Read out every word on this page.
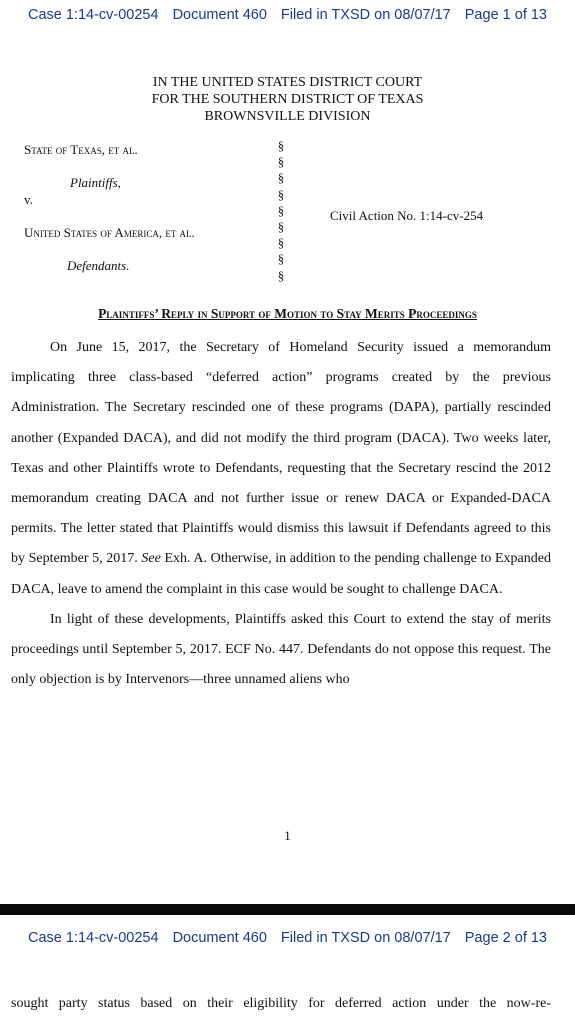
Case 1:14-cv-00254 Document 460 Filed in TXSD on 08/07/17 Page 1 of 13
IN THE UNITED STATES DISTRICT COURT
FOR THE SOUTHERN DISTRICT OF TEXAS
BROWNSVILLE DIVISION
State of Texas, et al.
Plaintiffs,
v.
United States of America, et al.
Defendants.
§
§
§
§
§
§
§
§
§
Civil Action No. 1:14-cv-254
Plaintiffs’ Reply in Support of Motion to Stay Merits Proceedings

On June 15, 2017, the Secretary of Homeland Security issued a memorandum implicating three class-based “deferred action” programs created by the previous Administration. The Secretary rescinded one of these programs (DAPA), partially rescinded another (Expanded DACA), and did not modify the third program (DACA). Two weeks later, Texas and other Plaintiffs wrote to Defendants, requesting that the Secretary rescind the 2012 memorandum creating DACA and not further issue or renew DACA or Expanded-DACA permits. The letter stated that Plaintiffs would dismiss this lawsuit if Defendants agreed to this by September 5, 2017. See Exh. A. Otherwise, in addition to the pending challenge to Expanded DACA, leave to amend the complaint in this case would be sought to challenge DACA.

In light of these developments, Plaintiffs asked this Court to extend the stay of merits proceedings until September 5, 2017. ECF No. 447. Defendants do not oppose this request. The only objection is by Intervenors—three unnamed aliens who

1
Case 1:14-cv-00254 Document 460 Filed in TXSD on 08/07/17 Page 2 of 13
sought party status based on their eligibility for deferred action under the now-re-
